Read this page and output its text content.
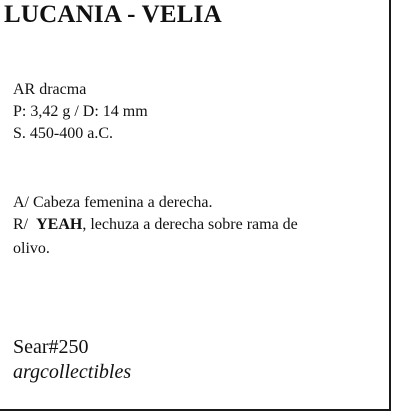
LUCANIA - VELIA
AR dracma
P: 3,42 g / D: 14 mm
S. 450-400 a.C.
A/ Cabeza femenina a derecha.
R/ YEAH, lechuza a derecha sobre rama de
olivo.
Sear#250
argcollectibles
